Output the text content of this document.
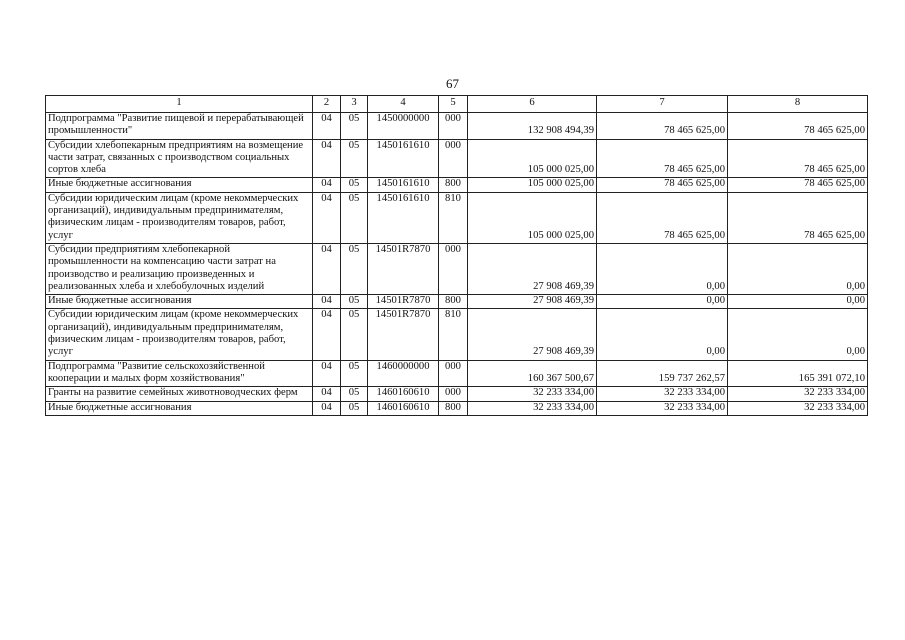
67
1	2	3	4	5	6	7	8
Подпрограмма "Развитие пищевой и перерабатывающей промышленности"	04	05	1450000000	000	132 908 494,39	78 465 625,00	78 465 625,00
Субсидии хлебопекарным предприятиям на возмещение части затрат, связанных с производством социальных сортов хлеба	04	05	1450161610	000	105 000 025,00	78 465 625,00	78 465 625,00
Иные бюджетные ассигнования	04	05	1450161610	800	105 000 025,00	78 465 625,00	78 465 625,00
Субсидии юридическим лицам (кроме некоммерческих организаций), индивидуальным предпринимателям, физическим лицам - производителям товаров, работ, услуг	04	05	1450161610	810	105 000 025,00	78 465 625,00	78 465 625,00
Субсидии предприятиям хлебопекарной промышленности на компенсацию части затрат на производство и реализацию произведенных и реализованных хлеба и хлебобулочных изделий	04	05	14501R7870	000	27 908 469,39	0,00	0,00
Иные бюджетные ассигнования	04	05	14501R7870	800	27 908 469,39	0,00	0,00
Субсидии юридическим лицам (кроме некоммерческих организаций), индивидуальным предпринимателям, физическим лицам - производителям товаров, работ, услуг	04	05	14501R7870	810	27 908 469,39	0,00	0,00
Подпрограмма "Развитие сельскохозяйственной кооперации и малых форм хозяйствования"	04	05	1460000000	000	160 367 500,67	159 737 262,57	165 391 072,10
Гранты на развитие семейных животноводческих ферм	04	05	1460160610	000	32 233 334,00	32 233 334,00	32 233 334,00
Иные бюджетные ассигнования	04	05	1460160610	800	32 233 334,00	32 233 334,00	32 233 334,00
